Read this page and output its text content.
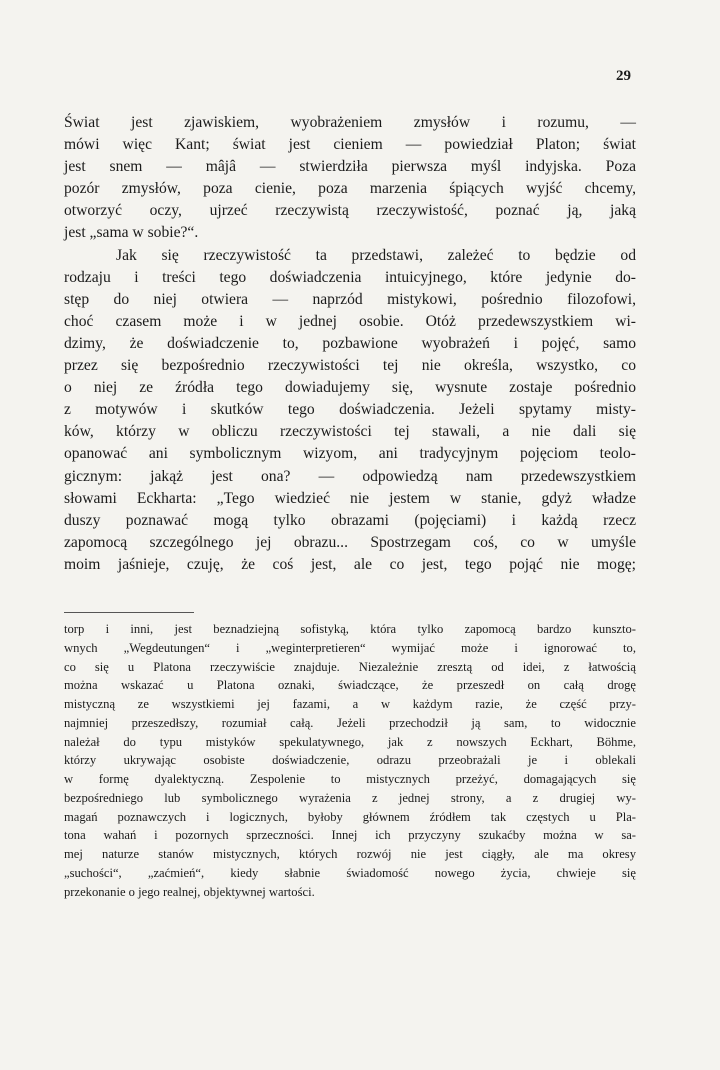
29
Świat jest zjawiskiem, wyobrażeniem zmysłów i rozumu, —
mówi więc Kant; świat jest cieniem — powiedział Platon; świat
jest snem — mâjâ — stwierdziła pierwsza myśl indyjska. Poza
pozór zmysłów, poza cienie, poza marzenia śpiących wyjść chcemy,
otworzyć oczy, ujrzeć rzeczywistą rzeczywistość, poznać ją, jaką
jest „sama w sobie?“.
Jak się rzeczywistość ta przedstawi, zależeć to będzie od
rodzaju i treści tego doświadczenia intuicyjnego, które jedynie do-
stęp do niej otwiera — naprzód mistykowi, pośrednio filozofowi,
choć czasem może i w jednej osobie. Otóż przedewszystkiem wi-
dzimy, że doświadczenie to, pozbawione wyobrażeń i pojęć, samo
przez się bezpośrednio rzeczywistości tej nie określa, wszystko, co
o niej ze źródła tego dowiadujemy się, wysnute zostaje pośrednio
z motywów i skutków tego doświadczenia. Jeżeli spytamy misty-
ków, którzy w obliczu rzeczywistości tej stawali, a nie dali się
opanować ani symbolicznym wizyom, ani tradycyjnym pojęciom teolo-
gicznym: jakąż jest ona? — odpowiedzą nam przedewszystkiem
słowami Eckharta: „Tego wiedzieć nie jestem w stanie, gdyż władze
duszy poznawać mogą tylko obrazami (pojęciami) i każdą rzecz
zapomocą szczególnego jej obrazu... Spostrzegam coś, co w umyśle
moim jaśnieje, czuję, że coś jest, ale co jest, tego pojąć nie mogę;
torp i inni, jest beznadziejną sofistyką, która tylko zapomocą bardzo kunszto-
wnych „Wegdeutungen“ i „weginterpretieren“ wymijać może i ignorować to,
co się u Platona rzeczywiście znajduje. Niezależnie zresztą od idei, z łatwością
można wskazać u Platona oznaki, świadczące, że przeszedł on całą drogę
mistyczną ze wszystkiemi jej fazami, a w każdym razie, że część przy-
najmniej przeszedłszy, rozumiał całą. Jeżeli przechodził ją sam, to widocznie
należał do typu mistyków spekulatywnego, jak z nowszych Eckhart, Böhme,
którzy ukrywając osobiste doświadczenie, odrazu przeobrażali je i oblekali
w formę dyalektyczną. Zespolenie to mistycznych przeżyć, domagających się
bezpośredniego lub symbolicznego wyrażenia z jednej strony, a z drugiej wy-
magań poznawczych i logicznych, byłoby głównem źródłem tak częstych u Pla-
tona wahań i pozornych sprzeczności. Innej ich przyczyny szukaćby można w sa-
mej naturze stanów mistycznych, których rozwój nie jest ciągły, ale ma okresy
„suchości“, „zaćmień“, kiedy słabnie świadomość nowego życia, chwieje się
przekonanie o jego realnej, objektywnej wartości.
